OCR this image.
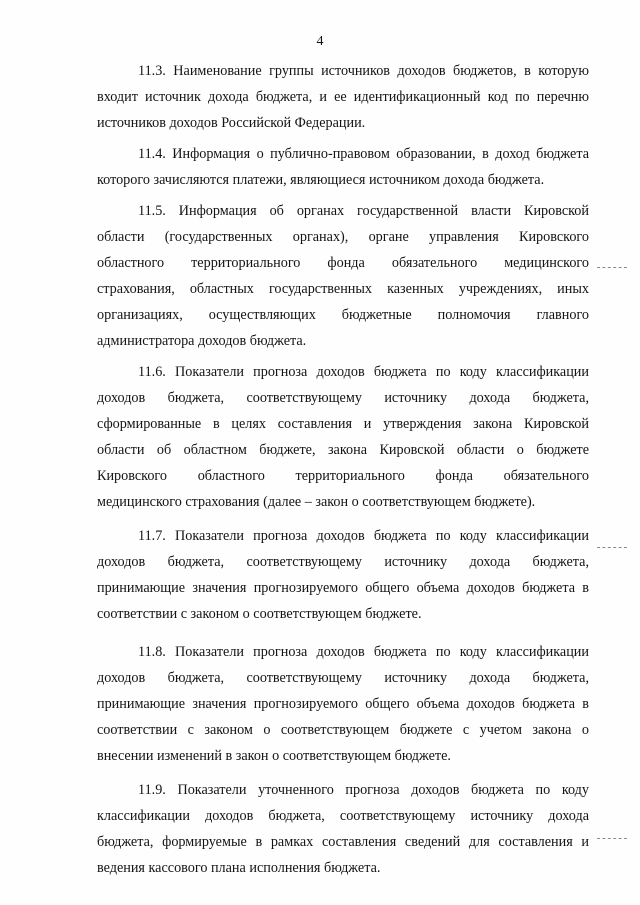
4
11.3. Наименование группы источников доходов бюджетов, в которую
входит источник дохода бюджета, и ее идентификационный код по перечню
источников доходов Российской Федерации.
11.4. Информация о публично-правовом образовании, в доход бюджета
которого зачисляются платежи, являющиеся источником дохода бюджета.
11.5. Информация об органах государственной власти Кировской
области (государственных органах), органе управления Кировского
областного территориального фонда обязательного медицинского
страхования, областных государственных казенных учреждениях, иных
организациях, осуществляющих бюджетные полномочия главного
администратора доходов бюджета.
11.6. Показатели прогноза доходов бюджета по коду классификации
доходов бюджета, соответствующему источнику дохода бюджета,
сформированные в целях составления и утверждения закона Кировской
области об областном бюджете, закона Кировской области о бюджете
Кировского областного территориального фонда обязательного
медицинского страхования (далее – закон о соответствующем бюджете).
11.7. Показатели прогноза доходов бюджета по коду классификации
доходов бюджета, соответствующему источнику дохода бюджета,
принимающие значения прогнозируемого общего объема доходов бюджета в
соответствии с законом о соответствующем бюджете.
11.8. Показатели прогноза доходов бюджета по коду классификации
доходов бюджета, соответствующему источнику дохода бюджета,
принимающие значения прогнозируемого общего объема доходов бюджета в
соответствии с законом о соответствующем бюджете с учетом закона о
внесении изменений в закон о соответствующем бюджете.
11.9. Показатели уточненного прогноза доходов бюджета по коду
классификации доходов бюджета, соответствующему источнику дохода
бюджета, формируемые в рамках составления сведений для составления и
ведения кассового плана исполнения бюджета.
